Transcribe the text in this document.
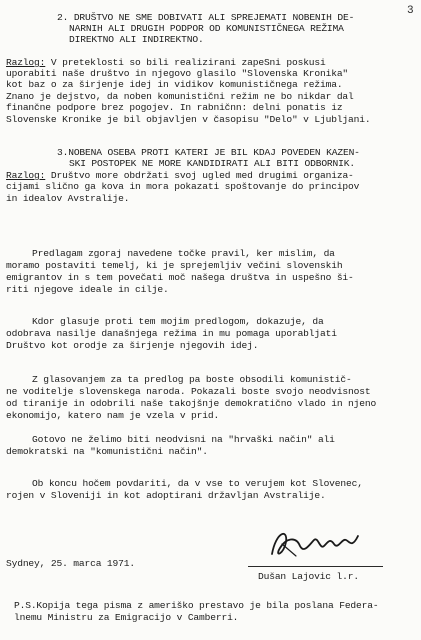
3
2. DRUŠTVO NE SME DOBIVATI ALI SPREJEMATI NOBENIH DE-
NARNIH ALI DRUGIH PODPOR OD KOMUNISTIČNEGA REŽIMA
DIREKTNO ALI INDIREKTNO.
Razlog: V preteklosti so bili realizirani zapeSni poskusi
uporabiti naše društvo in njegovo glasilo "Slovenska Kronika"
kot baz o za širjenje idej in vidikov komunističnega režima.
Znano je dejstvo, da noben komunistični režim ne bo nikdar dal
finančne podpore brez pogojev. In rabničnn: delni ponatis iz
Slovenske Kronike je bil objavljen v časopisu "Delo" v Ljubljani.
3.NOBENA OSEBA PROTI KATERI JE BIL KDAJ POVEDEN KAZEN-
SKI POSTOPEK NE MORE KANDIDIRATI ALI BITI ODBORNIK.
Razlog: Društvo more obdržati svoj ugled med drugimi organiza-
cijami slično ga kova in mora pokazati spoštovanje do principov
in idealov Avstralije.
Predlagam zgoraj navedene točke pravil, ker mislim, da
moramo postaviti temelj, ki je sprejemljiv večini slovenskih
emigrantov in s tem povečati moč našega društva in uspešno ši-
riti njegove ideale in cilje.
Kdor glasuje proti tem mojim predlogom, dokazuje, da
odobrava nasilje današnjega režima in mu pomaga uporabljati
Društvo kot orodje za širjenje njegovih idej.
Z glasovanjem za ta predlog pa boste obsodili komunistič-
ne voditelje slovenskega naroda. Pokazali boste svojo neodvisnost
od tiranije in odobrili naše takojšnje demokratično vlado in njeno
ekonomijo, katero nam je vzela v prid.
Gotovo ne želimo biti neodvisni na "hrvaški način" ali
demokratski na "komunistični način".
Ob koncu hočem povdariti, da v vse to verujem kot Slovenec,
rojen v Sloveniji in kot adoptirani državljan Avstralije.
Sydney, 25. marca 1971.
Dušan Lajovic l.r.
P.S.Kopija tega pisma z ameriško prestavo je bila poslana Federa-
lnemu Ministru za Emigracijo v Camberri.
